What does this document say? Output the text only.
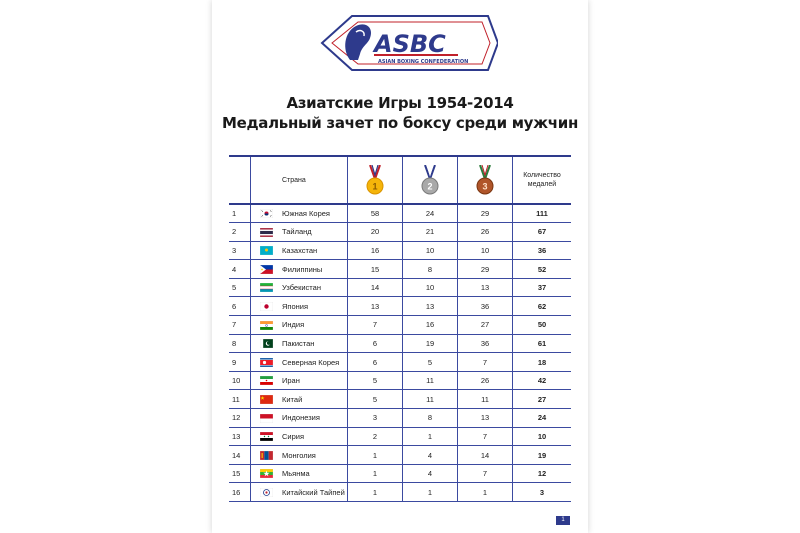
ASBC
ASIAN BOXING CONFEDERATION
Азиатские Игры 1954-2014
Медальный зачет по боксу среди мужчин
		Страна	1	2	3	Количество медалей
1		Южная Корея	58	24	29	111
2		Тайланд	20	21	26	67
3		Казахстан	16	10	10	36
4		Филиппины	15	8	29	52
5		Узбекистан	14	10	13	37
6		Япония	13	13	36	62
7		Индия	7	16	27	50
8		Пакистан	6	19	36	61
9		Северная Корея	6	5	7	18
10		Иран	5	11	26	42
11		Китай	5	11	11	27
12		Индонезия	3	8	13	24
13		Сирия	2	1	7	10
14		Монголия	1	4	14	19
15		Мьянма	1	4	7	12
16		Китайский Тайпей	1	1	1	3
1
